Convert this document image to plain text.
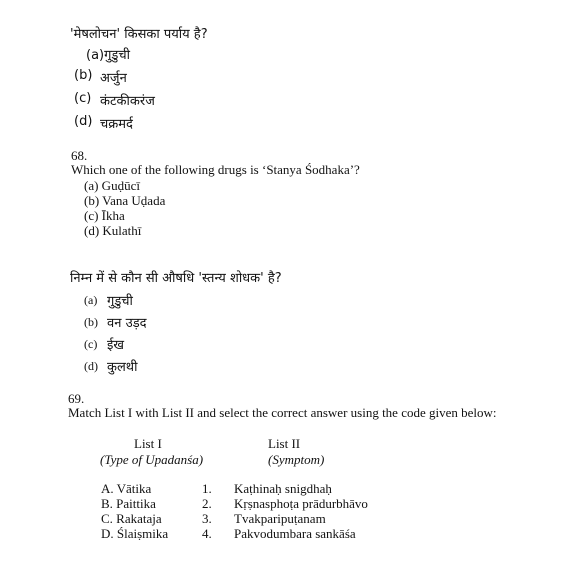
'मेषलोचन' किसका पर्याय है?
(a)गुडुची
(b) अर्जुन
(c) कंटकीकरंज
(d) चक्रमर्द
68.
Which one of the following drugs is ‘Stanya Śodhaka’?
(a) Guḍūcī
(b) Vana Uḍada
(c) Īkha
(d) Kulathī
निम्न में से कौन सी औषधि 'स्तन्य शोधक' है?
(a) गुडुची
(b) वन उड़द
(c) ईख
(d) कुलथी
69.
Match List I with List II and select the correct answer using the code given below:
List I
(Type of Upadanśa)
List II
(Symptom)
A. Vātika
B. Paittika
C. Rakataja
D. Ślaiṣmika
1.
2.
3.
4.
Kaṭhinaḥ snigdhaḥ
Kṛṣnasphoṭa prādurbhāvo
Tvakparipuṭanam
Pakvodumbara sankāśa
